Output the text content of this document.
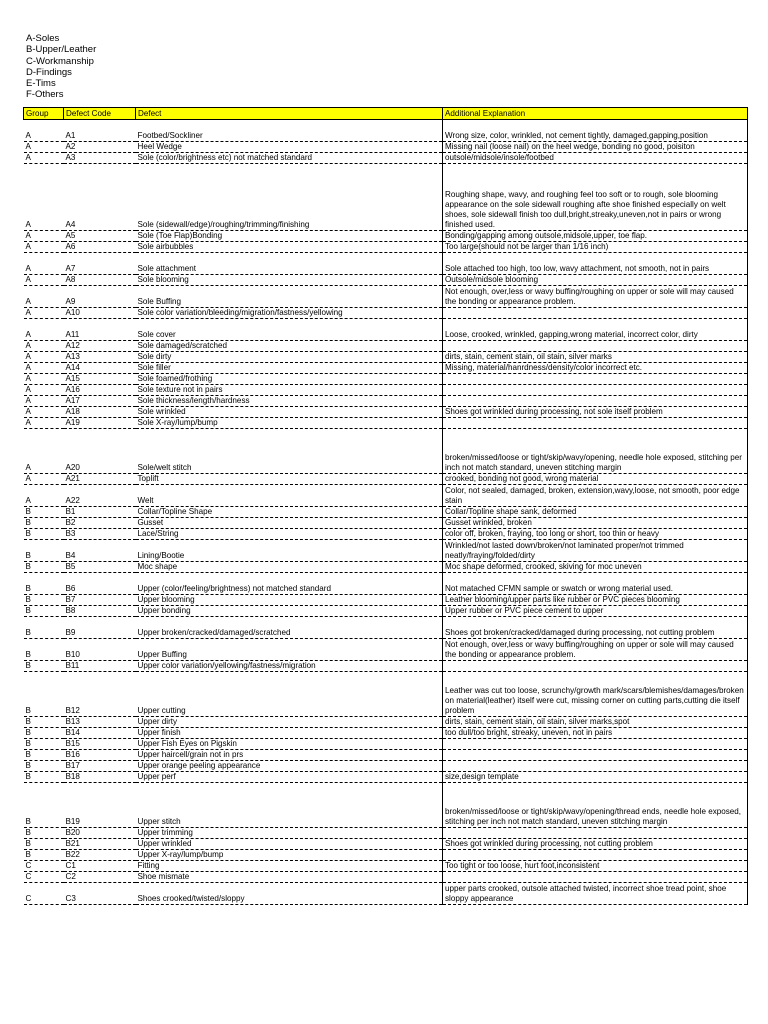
A-Soles
B-Upper/Leather
C-Workmanship
D-Findings
E-Tims
F-Others
Group	Defect Code	Defect	Additional Explanation
A	A1	Footbed/Sockliner	Wrong size, color, wrinkled, not cement tightly, damaged,gapping,position
A	A2	Heel Wedge	Missing nail (loose nail) on the heel wedge, bonding no good, poisiton
A	A3	Sole (color/brightness etc) not matched standard	outsole/midsole/insole/footbed
A	A4	Sole (sidewall/edge)/roughing/trimming/finishing	Roughing shape, wavy, and roughing feel too soft or to rough, sole blooming appearance on the sole sidewall roughing afte shoe finished especially on welt shoes, sole sidewall finish too dull,bright,streaky,uneven,not in pairs or wrong finished used.
A	A5	Sole (Toe Flap)Bonding	Bonding/gapping among outsole,midsole,upper, toe flap.
A	A6	Sole airbubbles	Too large(should not be larger than 1/16 inch)
A	A7	Sole attachment	Sole attached too high, too low, wavy attachment, not smooth, not in pairs
A	A8	Sole blooming	Outsole/midsole blooming
A	A9	Sole Buffing	Not enough, over,less or wavy buffing/roughing on upper or sole will may caused the bonding or appearance problem.
A	A10	Sole color variation/bleeding/migration/fastness/yellowing	
A	A11	Sole cover	Loose, crooked, wrinkled, gapping,wrong material, incorrect color, dirty
A	A12	Sole damaged/scratched	
A	A13	Sole dirty	dirts, stain, cement stain, oil stain, silver marks
A	A14	Sole filler	Missing, material/hanrdness/density/color incorrect etc.
A	A15	Sole foamed/frothing	
A	A16	Sole texture not in pairs	
A	A17	Sole thickness/length/hardness	
A	A18	Sole wrinkled	Shoes got wrinkled during processing, not sole itself problem
A	A19	Sole X-ray/lump/bump	
A	A20	Sole/welt stitch	broken/missed/loose or tight/skip/wavy/opening, needle hole exposed, stitching per inch not match standard, uneven stitching margin
A	A21	Toplift	crooked, bonding not good, wrong material
A	A22	Welt	Color, not sealed, damaged, broken, extension,wavy,loose, not smooth, poor edge stain
B	B1	Collar/Topline Shape	Collar/Topline shape sank, deformed
B	B2	Gusset	Gusset wrinkled, broken
B	B3	Lace/String	color off, broken, fraying, too long or short, too thin or heavy
B	B4	Lining/Bootie	Wrinkled/not lasted down/broken/not laminated proper/not trimmed neatly/fraying/folded/dirty
B	B5	Moc shape	Moc shape deformed, crooked, skiving for moc uneven
B	B6	Upper (color/feeling/brightness) not matched standard	Not matached CFMN sample or swatch or wrong material used.
B	B7	Upper blooming	Leather blooming/upper parts like rubber or PVC pieces blooming
B	B8	Upper bonding	Upper rubber or PVC piece cement to upper
B	B9	Upper broken/cracked/damaged/scratched	Shoes got broken/cracked/damaged during processing, not cutting problem
B	B10	Upper Buffing	Not enough, over,less or wavy buffing/roughing on upper or sole will may caused the bonding or appearance problem.
B	B11	Upper color variation/yellowing/fastness/migration	
B	B12	Upper cutting	Leather was cut too loose, scrunchy/growth mark/scars/blemishes/damages/broken on material(leather) itself were cut, missing corner on cutting parts,cutting die itself problem
B	B13	Upper dirty	dirts, stain, cement stain, oil stain, silver marks,spot
B	B14	Upper finish	too dull/too bright, streaky, uneven, not in pairs
B	B15	Upper Fish Eyes on Pigskin	
B	B16	Upper haircell/grain not in prs	
B	B17	Upper orange peeling appearance	
B	B18	Upper perf	size,design template
B	B19	Upper stitch	broken/missed/loose or tight/skip/wavy/opening/thread ends, needle hole exposed, stitching per inch not match standard, uneven stitching margin
B	B20	Upper trimming	
B	B21	Upper wrinkled	Shoes got wrinkled during processing, not cutting problem
B	B22	Upper X-ray/lump/bump	
C	C1	Fitting	Too tight or too loose, hurt foot,inconsistent
C	C2	Shoe mismate	
C	C3	Shoes crooked/twisted/sloppy	upper parts crooked, outsole attached twisted, incorrect shoe tread point, shoe sloppy appearance
